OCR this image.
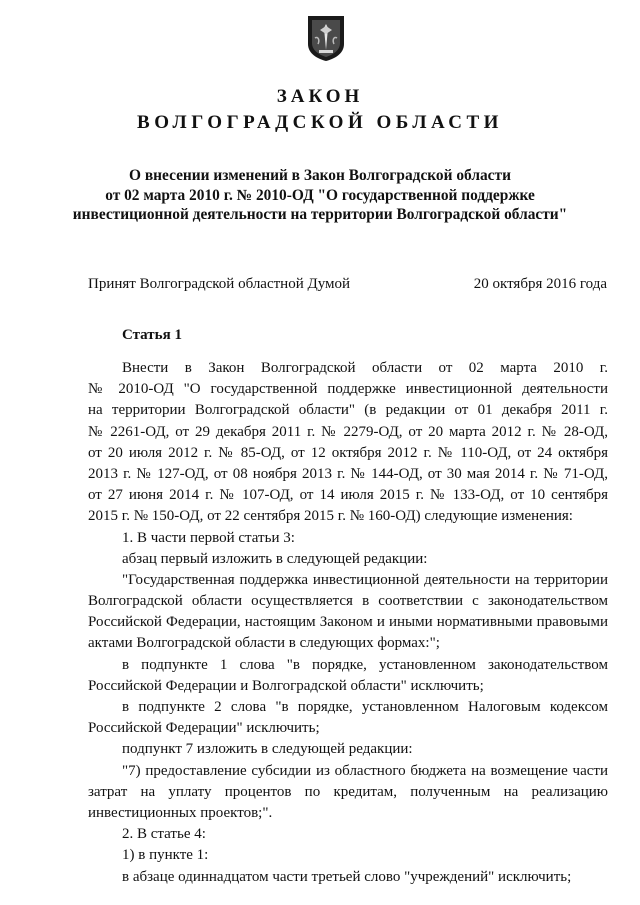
ЗАКОН
ВОЛГОГРАДСКОЙ ОБЛАСТИ
О внесении изменений в Закон Волгоградской области
от 02 марта 2010 г. № 2010-ОД "О государственной поддержке
инвестиционной деятельности на территории Волгоградской области"
Принят Волгоградской областной Думой	20 октября 2016 года
Статья 1
Внести в Закон Волгоградской области от 02 марта 2010 г.
№ 2010-ОД "О государственной поддержке инвестиционной деятельности
на территории Волгоградской области" (в редакции от 01 декабря 2011 г.
№ 2261-ОД, от 29 декабря 2011 г. № 2279-ОД, от 20 марта 2012 г. № 28-ОД,
от 20 июля 2012 г. № 85-ОД, от 12 октября 2012 г. № 110-ОД, от 24 октября
2013 г. № 127-ОД, от 08 ноября 2013 г. № 144-ОД, от 30 мая 2014 г. № 71-ОД,
от 27 июня 2014 г. № 107-ОД, от 14 июля 2015 г. № 133-ОД, от 10 сентября
2015 г. № 150-ОД, от 22 сентября 2015 г. № 160-ОД) следующие изменения:
1. В части первой статьи 3:
абзац первый изложить в следующей редакции:
"Государственная поддержка инвестиционной деятельности на территории
Волгоградской области осуществляется в соответствии с законодательством
Российской Федерации, настоящим Законом и иными нормативными правовыми
актами Волгоградской области в следующих формах:";
в подпункте 1 слова "в порядке, установленном законодательством
Российской Федерации и Волгоградской области" исключить;
в подпункте 2 слова "в порядке, установленном Налоговым кодексом
Российской Федерации" исключить;
подпункт 7 изложить в следующей редакции:
"7) предоставление субсидии из областного бюджета на возмещение части
затрат на уплату процентов по кредитам, полученным на реализацию
инвестиционных проектов;".
2. В статье 4:
1) в пункте 1:
в абзаце одиннадцатом части третьей слово "учреждений" исключить;
